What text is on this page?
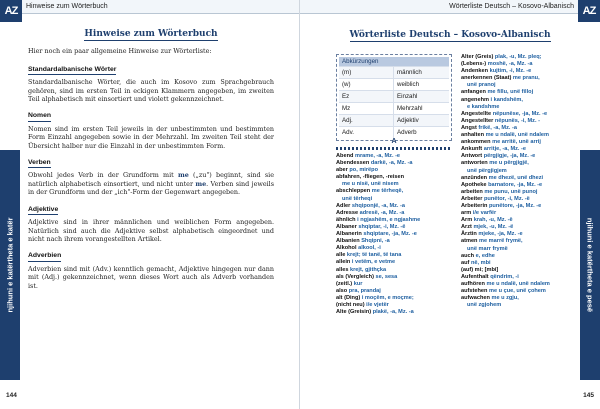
Hinweise zum Wörterbuch
AZ
Hinweise zum Wörterbuch

Hier noch ein paar allgemeine Hinweise zur Wörterliste:

Standardalbanische Wörter

Standardalbanische Wörter, die auch im Kosovo zum Sprachgebrauch gehören, sind im ersten Teil in eckigen Klammern angegeben, im zweiten Teil alphabetisch mit einsortiert und violett gekennzeichnet.

Nomen

Nomen sind im ersten Teil jeweils in der unbestimmten und bestimmten Form Einzahl angegeben sowie in der Mehrzahl. Im zweiten Teil steht der Übersicht halber nur die Einzahl in der unbestimmten Form.

Verben

Obwohl jedes Verb in der Grundform mit me („zu") beginnt, sind sie natürlich alphabetisch einsortiert, und nicht unter me. Verben sind jeweils in der Grundform und der „ich"-Form der Gegenwart angegeben.

Adjektive

Adjektive sind in ihrer männlichen und weiblichen Form angegeben. Natürlich sind auch die Adjektive selbst alphabetisch eingeordnet und nicht nach ihrem vorangestellten Artikel.

Adverbien

Adverbien sind mit (Adv.) kenntlich gemacht, Adjektive hingegen nur dann mit (Adj.) gekennzeichnet, wenn dieses Wort auch als Adverb vorhanden ist.

njihuni e katërtheta e katër
144
Wörterliste Deutsch – Kosovo-Albanisch AZ
Wörterliste Deutsch – Kosovo-Albanisch
Abkürzungen
(m)	männlich
(w)	weiblich
Ez	Einzahl
Mz	Mehrzahl
Adj.	Adjektiv
Adv.	Adverb
A
Abend mrame, -a, Mz. -e
Abendessen darkë, -a, Mz. -a
aber po, mirëpo
abfahren, -fliegen, -reisen
me u nisë, unë nisem
abschleppen me tërheqë,
unë tërheqi
Adler shqiponjë, -a, Mz. -a
Adresse adresë, -a, Mz. -a
ähnlich i ngjashëm, e ngjashme
Albaner shqiptar, -i, Mz. -ë
Albanerin shqiptare, -ja, Mz. -e
Albanien Shqipni, -a
Alkohol alkool, -i
alle krejt; të tanë, të tana
allein i vetëm, e vetme
alles krejt, gjithçka
als (Vergleich) se, sesa
(zeitl.) kur
also pra, prandaj
alt (Ding) i moçëm, e moçme;
(nicht neu) i/e vjetër
Alte (Greisin) plakë, -a, Mz. -a
Alter (Greis) plak, -u, Mz. pleq;
(Lebens-) moshë, -a, Mz. -a
Andenken kujtim, -i, Mz. -e
anerkennen (Staat) me pranu,
unë pranoj
anfangen me fillu, unë filloj
angenehm i kandshëm,
e kandshme
Angestellte nëpunëse, -ja, Mz. -e
Angestellter nëpunës, -i, Mz. -
Angst frikë, -a, Mz. -a
anhalten me u ndalë, unë ndalem
ankommen me arritë, unë arrij
Ankunft arritje, -a, Mz. -e
Antwort përgjigje, -ja, Mz. -e
antworten me u përgjigjë,
unë përgjigjem
anzünden me dhezë, unë dhezi
Apotheke barnatore, -ja, Mz. -e
arbeiten me punu, unë punoj
Arbeiter punëtor, -i, Mz. -ë
Arbeiterin punëtore, -ja, Mz. -e
arm i/e varfër
Arm krah, -u, Mz. -ë
Arzt mjek, -u, Mz. -ë
Ärztin mjeke, -ja, Mz. -e
atmen me marrë frymë,
unë marr frymë
auch e, edhe
auf në, mbi
(auf) mi; [mbi]
Aufenthalt qëndrim, -i
aufhören me u ndalë, unë ndalem
aufstehen me u çue, unë çohem
aufwachen me u zgju,
unë zgjohem	njihuni e katërtheta e pesë
145
